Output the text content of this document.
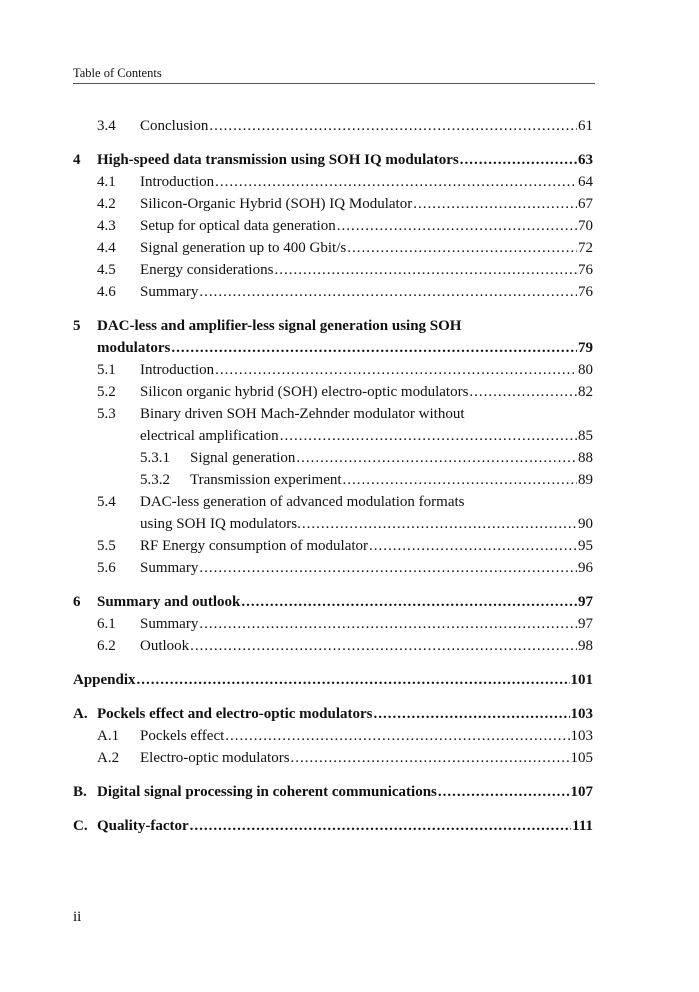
Table of Contents
3.4	Conclusion .....	61
4	High-speed data transmission using SOH IQ modulators .....	63
4.1	Introduction .....	64
4.2	Silicon-Organic Hybrid (SOH) IQ Modulator .....	67
4.3	Setup for optical data generation .....	70
4.4	Signal generation up to 400 Gbit/s .....	72
4.5	Energy considerations .....	76
4.6	Summary .....	76
5	DAC-less and amplifier-less signal generation using SOH
modulators .....	79
5.1	Introduction .....	80
5.2	Silicon organic hybrid (SOH) electro-optic modulators .....	82
5.3	Binary driven SOH Mach-Zehnder modulator without
electrical amplification .....	85
5.3.1	Signal generation .....	88
5.3.2	Transmission experiment .....	89
5.4	DAC-less generation of advanced modulation formats
using SOH IQ modulators. .....	90
5.5	RF Energy consumption of modulator .....	95
5.6	Summary .....	96
6	Summary and outlook .....	97
6.1	Summary .....	97
6.2	Outlook .....	98
Appendix .....	101
A. Pockels effect and electro-optic modulators .....	103
A.1	Pockels effect .....	103
A.2	Electro-optic modulators .....	105
B. Digital signal processing in coherent communications .....	107
C. Quality-factor .....	111
ii
